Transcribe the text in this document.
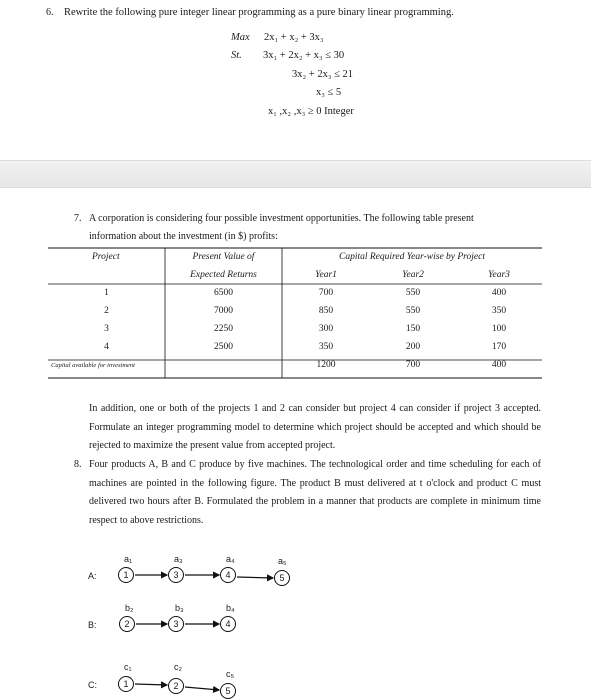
6. Rewrite the following pure integer linear programming as a pure binary linear programming.
Max 2x₁ + x₂ + 3x₃
St. 3x₁ + 2x₂ + x₃ ≤ 30
3x₂ + 2x₃ ≤ 21
x₃ ≤ 5
x₁ ,x₂ ,x₃ ≥ 0 Integer
7. A corporation is considering four possible investment opportunities. The following table present
information about the investment (in $) profits:
Project	Present Value of	Capital Required Year-wise by Project		
	Expected Returns	Year1	Year2	Year3
1	6500	700	550	400
2	7000	850	550	350
3	2250	300	150	100
4	2500	350	200	170
Capital available for investment		1200	700	400
In addition, one or both of the projects 1 and 2 can consider but project 4 can consider if project 3 accepted. Formulate an integer programming model to determine which project should be accepted and which should be rejected to maximize the present value from accepted project.
8. Four products A, B and C produce by five machines. The technological order and time scheduling for each of machines are pointed in the following figure. The product B must delivered at t o'clock and product C must delivered two hours after B. Formulated the problem in a manner that products are complete in minimum time respect to above restrictions.
A:
a₁
1
a₃
3
a₄
4
a₅
5
B:
b₂
2
b₃
3
b₄
4
C:
c₁
1
c₂
2
c₅
5
